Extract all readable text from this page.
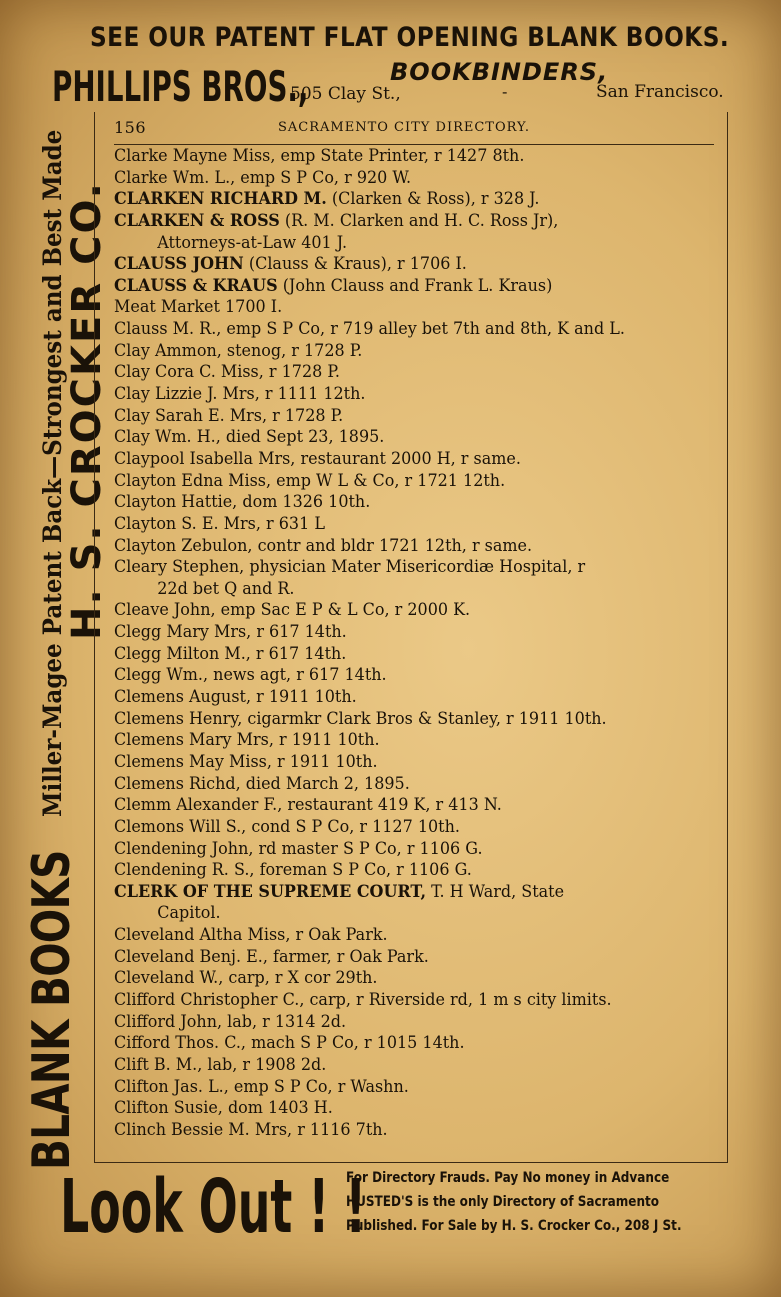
SEE OUR PATENT FLAT OPENING BLANK BOOKS.
PHILLIPS BROS.,	BOOKBINDERS,
505 Clay St.,	-	San Francisco.
BLANK BOOKS Miller-Magee Patent Back—Strongest and Best Made
H. S. CROCKER CO.
156	SACRAMENTO CITY DIRECTORY.
Clarke Mayne Miss, emp State Printer, r 1427 8th.
Clarke Wm. L., emp S P Co, r 920 W.
CLARKEN RICHARD M. (Clarken & Ross), r 328 J.
CLARKEN & ROSS (R. M. Clarken and H. C. Ross Jr),
Attorneys-at-Law 401 J.
CLAUSS JOHN (Clauss & Kraus), r 1706 I.
CLAUSS & KRAUS (John Clauss and Frank L. Kraus)
Meat Market 1700 I.
Clauss M. R., emp S P Co, r 719 alley bet 7th and 8th, K and L.
Clay Ammon, stenog, r 1728 P.
Clay Cora C. Miss, r 1728 P.
Clay Lizzie J. Mrs, r 1111 12th.
Clay Sarah E. Mrs, r 1728 P.
Clay Wm. H., died Sept 23, 1895.
Claypool Isabella Mrs, restaurant 2000 H, r same.
Clayton Edna Miss, emp W L & Co, r 1721 12th.
Clayton Hattie, dom 1326 10th.
Clayton S. E. Mrs, r 631 L
Clayton Zebulon, contr and bldr 1721 12th, r same.
Cleary Stephen, physician Mater Misericordiæ Hospital, r
22d bet Q and R.
Cleave John, emp Sac E P & L Co, r 2000 K.
Clegg Mary Mrs, r 617 14th.
Clegg Milton M., r 617 14th.
Clegg Wm., news agt, r 617 14th.
Clemens August, r 1911 10th.
Clemens Henry, cigarmkr Clark Bros & Stanley, r 1911 10th.
Clemens Mary Mrs, r 1911 10th.
Clemens May Miss, r 1911 10th.
Clemens Richd, died March 2, 1895.
Clemm Alexander F., restaurant 419 K, r 413 N.
Clemons Will S., cond S P Co, r 1127 10th.
Clendening John, rd master S P Co, r 1106 G.
Clendening R. S., foreman S P Co, r 1106 G.
CLERK OF THE SUPREME COURT, T. H Ward, State
Capitol.
Cleveland Altha Miss, r Oak Park.
Cleveland Benj. E., farmer, r Oak Park.
Cleveland W., carp, r X cor 29th.
Clifford Christopher C., carp, r Riverside rd, 1 m s city limits.
Clifford John, lab, r 1314 2d.
Cifford Thos. C., mach S P Co, r 1015 14th.
Clift B. M., lab, r 1908 2d.
Clifton Jas. L., emp S P Co, r Washn.
Clifton Susie, dom 1403 H.
Clinch Bessie M. Mrs, r 1116 7th.
Look Out ! !
For Directory Frauds. Pay No money in Advance
HUSTED'S is the only Directory of Sacramento
Published. For Sale by H. S. Crocker Co., 208 J St.
